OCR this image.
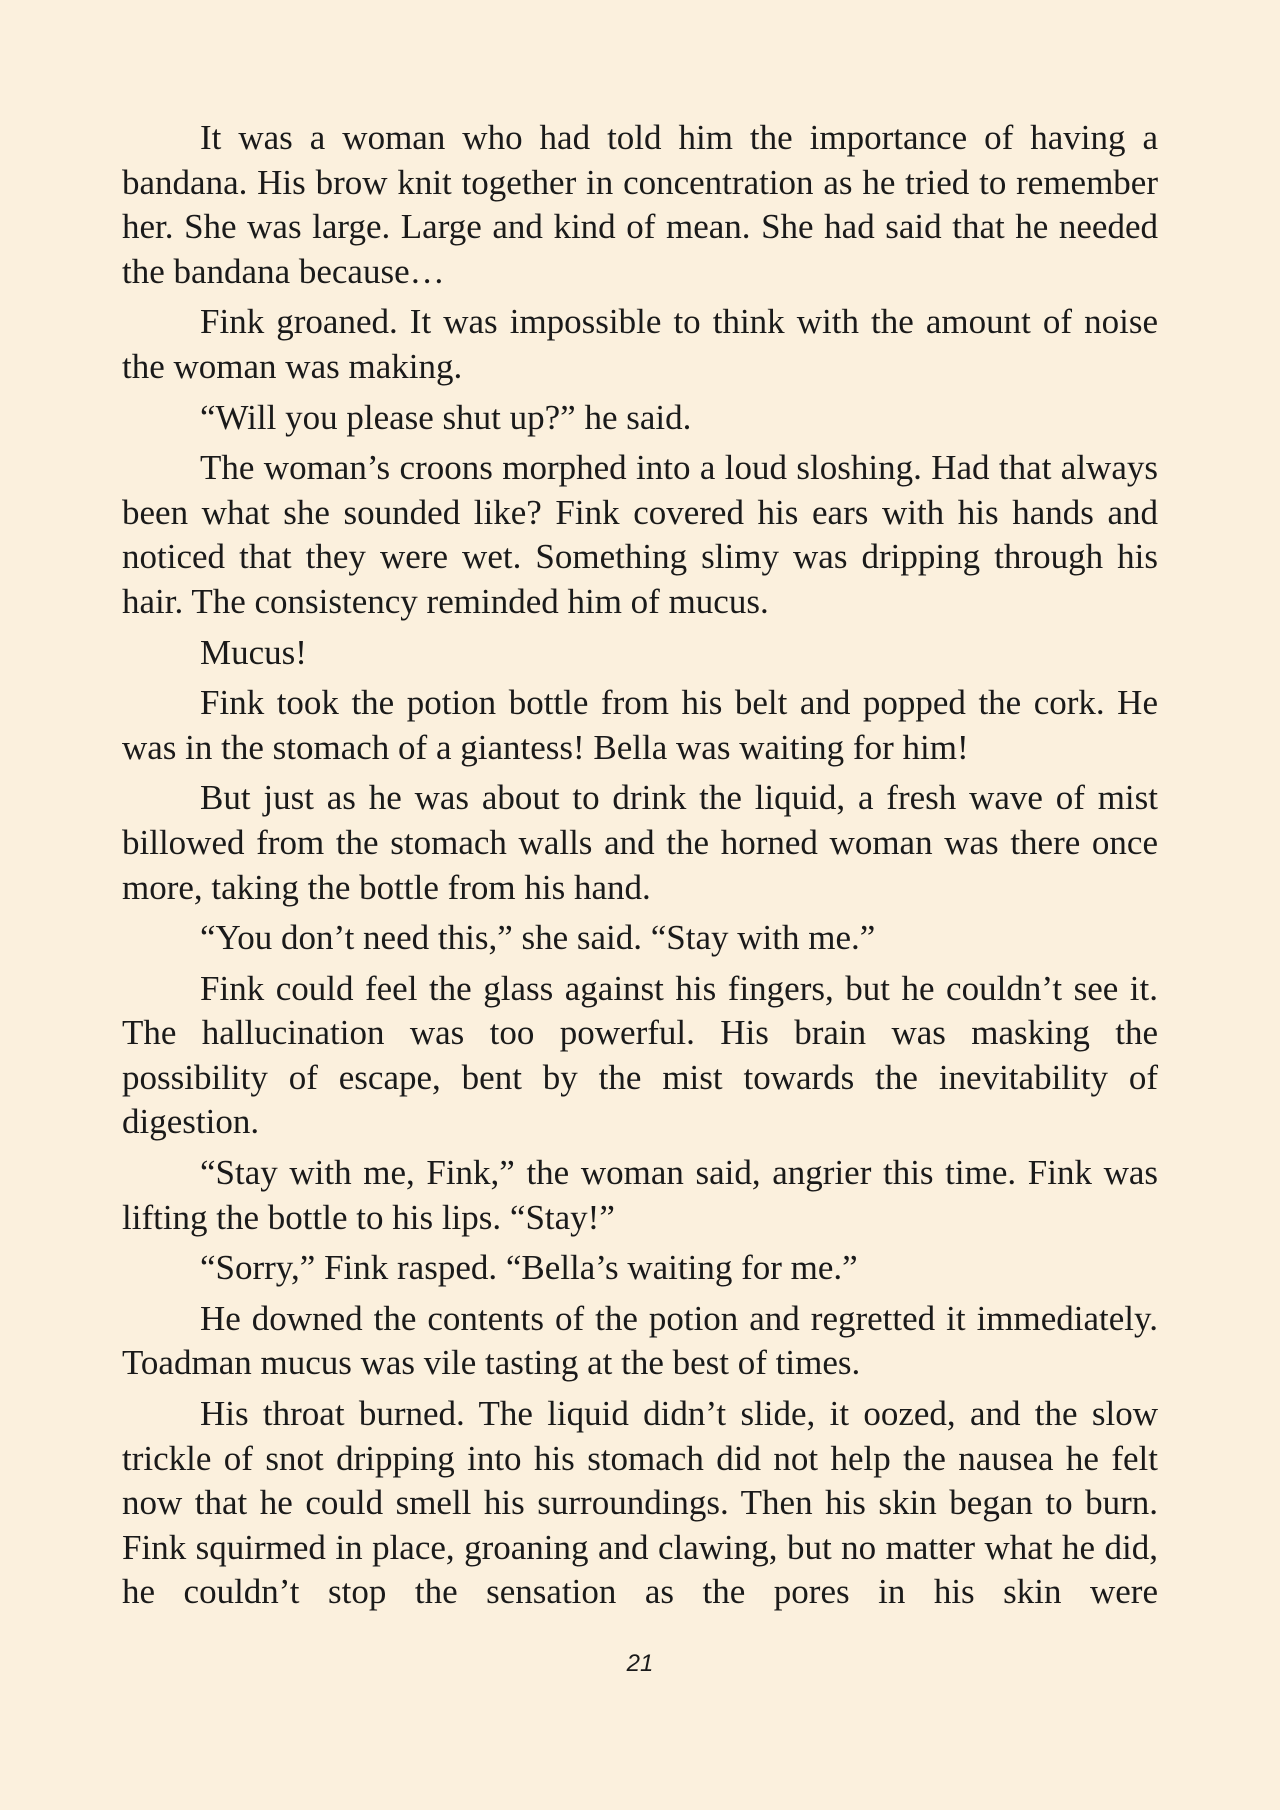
It was a woman who had told him the importance of having a bandana. His brow knit together in concentration as he tried to remember her. She was large. Large and kind of mean. She had said that he needed the bandana because…

Fink groaned. It was impossible to think with the amount of noise the woman was making.

“Will you please shut up?” he said.

The woman’s croons morphed into a loud sloshing. Had that always been what she sounded like? Fink covered his ears with his hands and noticed that they were wet. Something slimy was dripping through his hair. The consistency reminded him of mucus.

Mucus!

Fink took the potion bottle from his belt and popped the cork. He was in the stomach of a giantess! Bella was waiting for him!

But just as he was about to drink the liquid, a fresh wave of mist billowed from the stomach walls and the horned woman was there once more, taking the bottle from his hand.

“You don’t need this,” she said. “Stay with me.”

Fink could feel the glass against his fingers, but he couldn’t see it. The hallucination was too powerful. His brain was masking the possibility of escape, bent by the mist towards the inevitability of digestion.

“Stay with me, Fink,” the woman said, angrier this time. Fink was lifting the bottle to his lips. “Stay!”

“Sorry,” Fink rasped. “Bella’s waiting for me.”

He downed the contents of the potion and regretted it immediately. Toadman mucus was vile tasting at the best of times.

His throat burned. The liquid didn’t slide, it oozed, and the slow trickle of snot dripping into his stomach did not help the nausea he felt now that he could smell his surroundings. Then his skin began to burn. Fink squirmed in place, groaning and clawing, but no matter what he did, he couldn’t stop the sensation as the pores in his skin were

21
